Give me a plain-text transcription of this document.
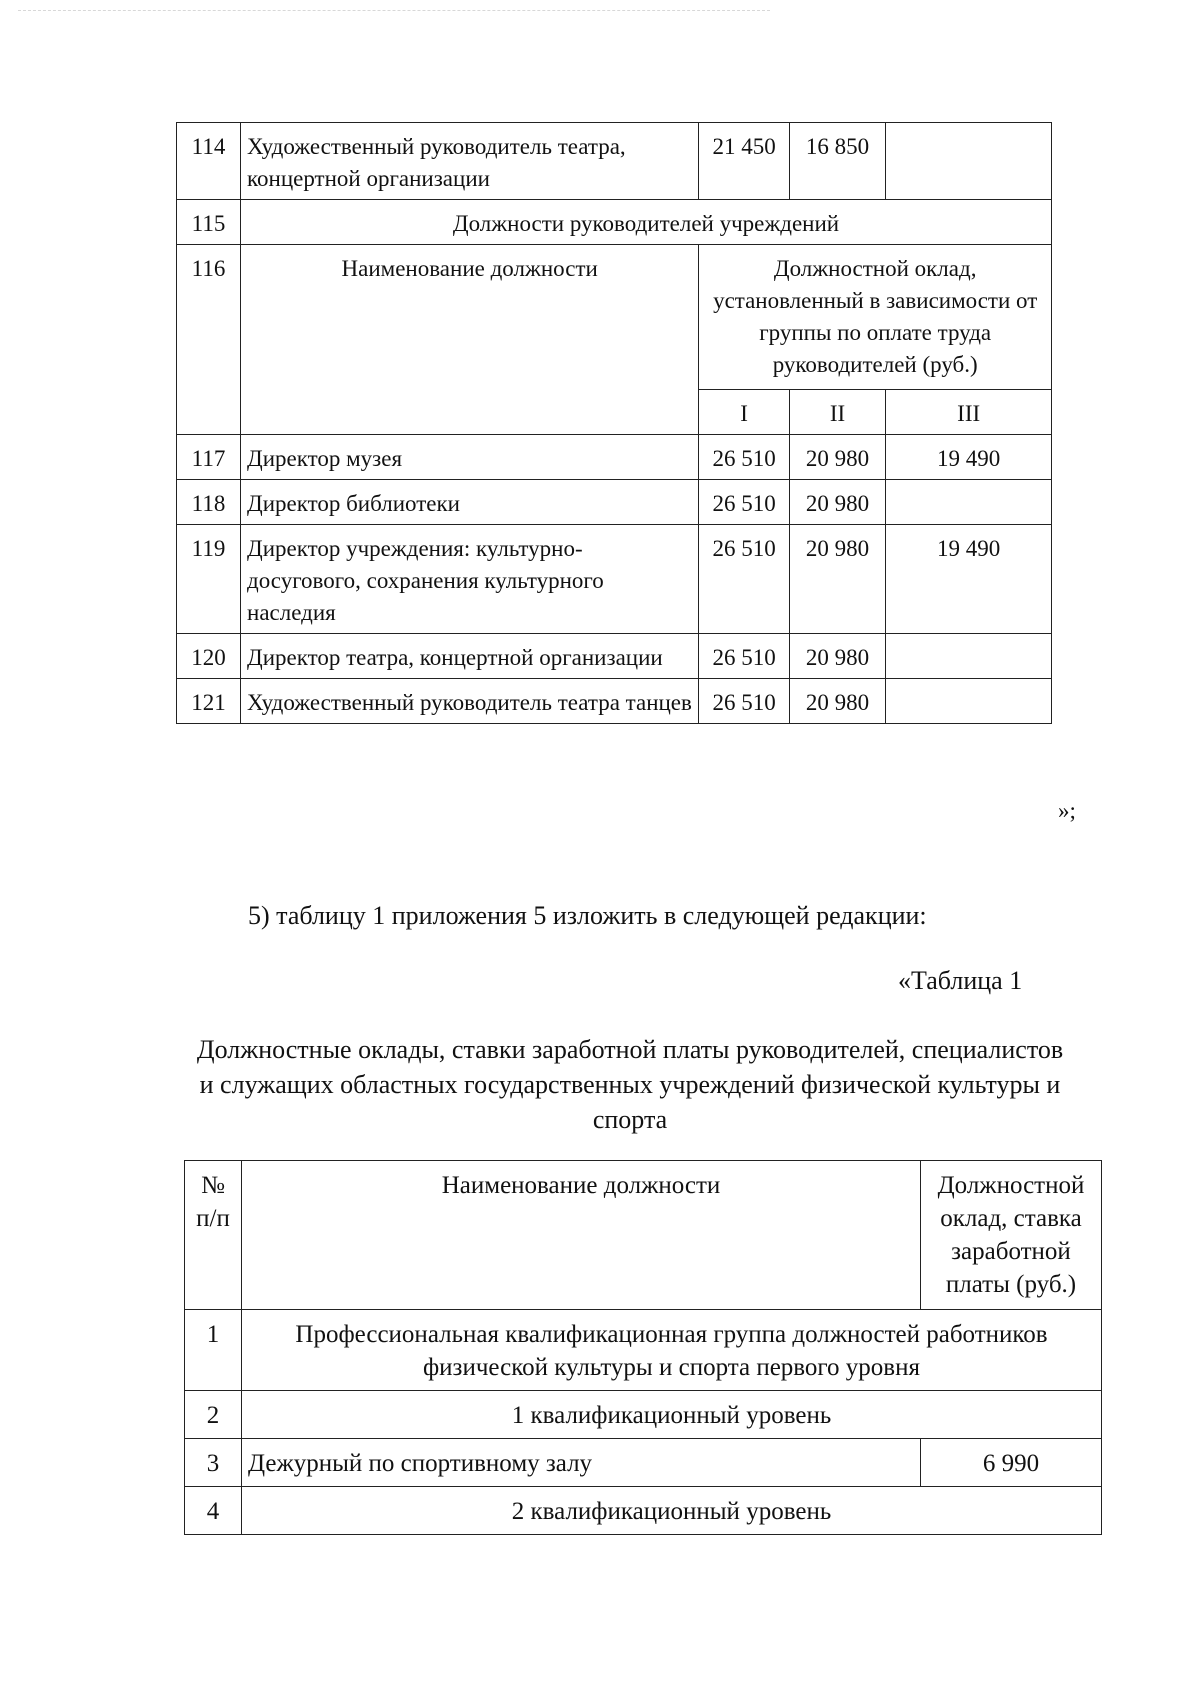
114	Художественный руководитель театра, концертной организации	21 450	16 850	
115	Должности руководителей учреждений			
116	Наименование должности	Должностной оклад, установленный в зависимости от группы по оплате труда руководителей (руб.)		
		I	II	III
117	Директор музея	26 510	20 980	19 490
118	Директор библиотеки	26 510	20 980	
119	Директор учреждения: культурно-досугового, сохранения культурного наследия	26 510	20 980	19 490
120	Директор театра, концертной организации	26 510	20 980	
121	Художественный руководитель театра танцев	26 510	20 980	
»;
5) таблицу 1 приложения 5 изложить в следующей редакции:
«Таблица 1
Должностные оклады, ставки заработной платы руководителей, специалистов и служащих областных государственных учреждений физической культуры и спорта
№ п/п	Наименование должности	Должностной оклад, ставка заработной платы (руб.)
1	Профессиональная квалификационная группа должностей работников физической культуры и спорта первого уровня	
2	1 квалификационный уровень	
3	Дежурный по спортивному залу	6 990
4	2 квалификационный уровень	
